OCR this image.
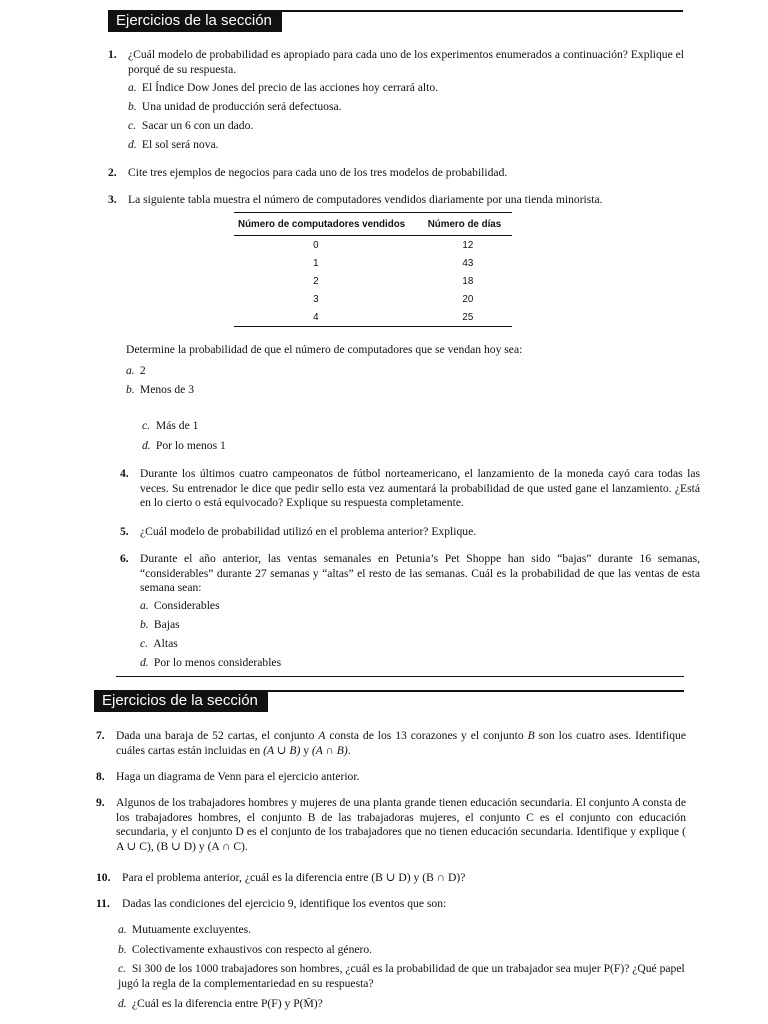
Ejercicios de la sección
1. ¿Cuál modelo de probabilidad es apropiado para cada uno de los experimentos enumerados a continuación? Explique el porqué de su respuesta.
a. El Índice Dow Jones del precio de las acciones hoy cerrará alto.
b. Una unidad de producción será defectuosa.
c. Sacar un 6 con un dado.
d. El sol será nova.
2. Cite tres ejemplos de negocios para cada uno de los tres modelos de probabilidad.
3. La siguiente tabla muestra el número de computadores vendidos diariamente por una tienda minorista.
Número de computadores vendidos	Número de días
0	12
1	43
2	18
3	20
4	25
Determine la probabilidad de que el número de computadores que se vendan hoy sea:
a. 2
b. Menos de 3
c. Más de 1
d. Por lo menos 1
4. Durante los últimos cuatro campeonatos de fútbol norteamericano, el lanzamiento de la moneda cayó cara todas las veces. Su entrenador le dice que pedir sello esta vez aumentará la probabilidad de que usted gane el lanzamiento. ¿Está en lo cierto o está equivocado? Explique su respuesta completamente.
5. ¿Cuál modelo de probabilidad utilizó en el problema anterior? Explique.
6. Durante el año anterior, las ventas semanales en Petunia’s Pet Shoppe han sido “bajas” durante 16 semanas, “considerables” durante 27 semanas y “altas” el resto de las semanas. Cuál es la probabilidad de que las ventas de esta semana sean:
a. Considerables
b. Bajas
c. Altas
d. Por lo menos considerables
Ejercicios de la sección
7. Dada una baraja de 52 cartas, el conjunto A consta de los 13 corazones y el conjunto B son los cuatro ases. Identifique cuáles cartas están incluidas en (A ∪ B) y (A ∩ B).
8. Haga un diagrama de Venn para el ejercicio anterior.
9. Algunos de los trabajadores hombres y mujeres de una planta grande tienen educación secundaria. El conjunto A consta de los trabajadores hombres, el conjunto B de las trabajadoras mujeres, el conjunto C es el conjunto con educación secundaria, y el conjunto D es el conjunto de los trabajadores que no tienen educación secundaria. Identifique y explique ( A ∪ C), (B ∪ D) y (A ∩ C).
10. Para el problema anterior, ¿cuál es la diferencia entre (B ∪ D) y (B ∩ D)?
11. Dadas las condiciones del ejercicio 9, identifique los eventos que son:
a. Mutuamente excluyentes.
b. Colectivamente exhaustivos con respecto al género.
c. Si 300 de los 1000 trabajadores son hombres, ¿cuál es la probabilidad de que un trabajador sea mujer P(F)? ¿Qué papel jugó la regla de la complementariedad en su respuesta?
d. ¿Cuál es la diferencia entre P(F) y P(M̄)?
